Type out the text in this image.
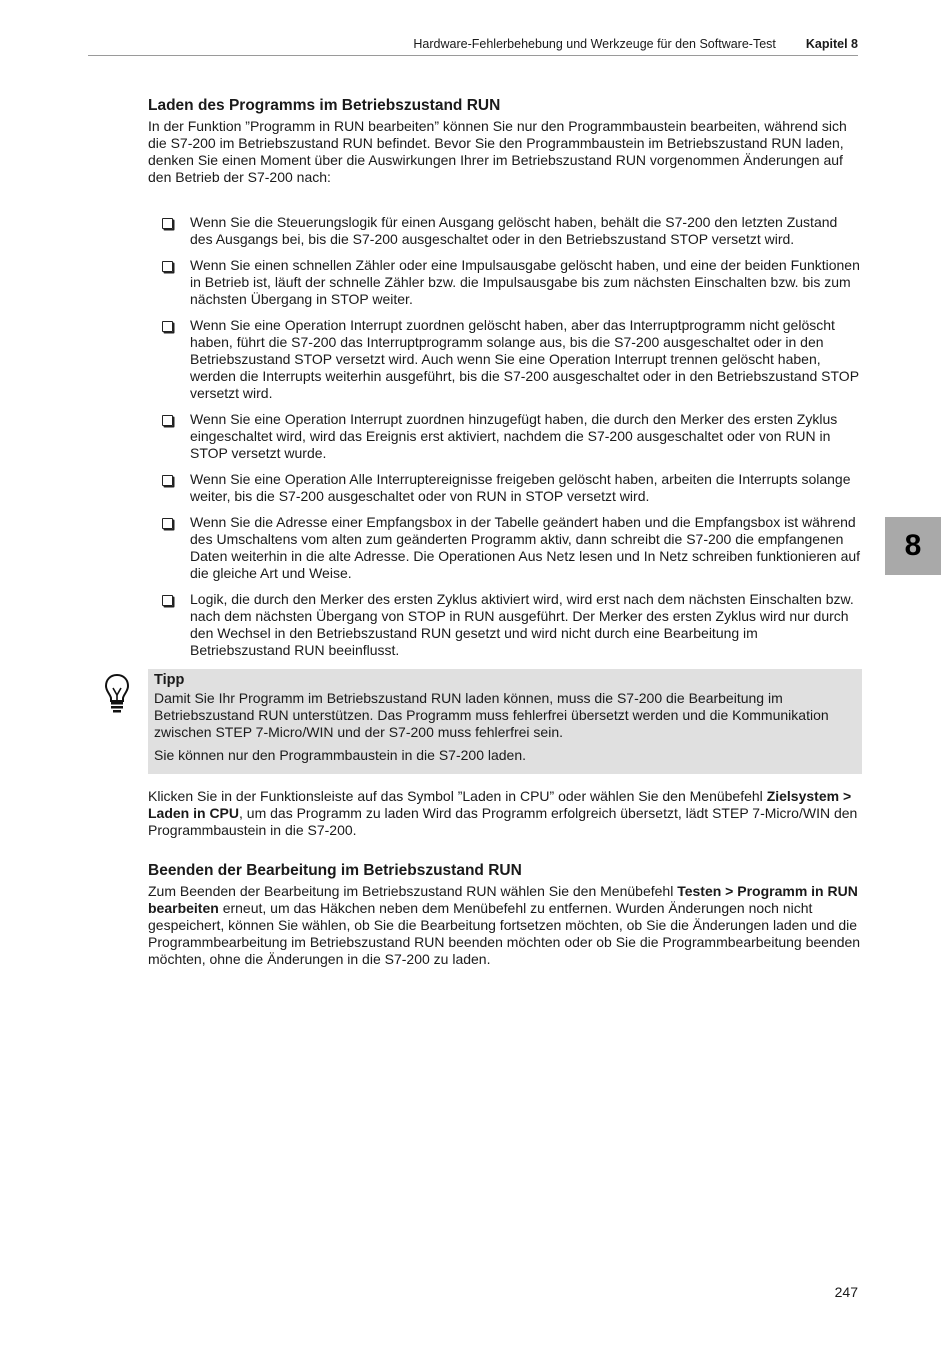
Hardware-Fehlerbehebung und Werkzeuge für den Software-Test Kapitel 8
Laden des Programms im Betriebszustand RUN

In der Funktion ”Programm in RUN bearbeiten” können Sie nur den Programmbaustein bearbeiten, während sich die S7-200 im Betriebszustand RUN befindet. Bevor Sie den Programmbaustein im Betriebszustand RUN laden, denken Sie einen Moment über die Auswirkungen Ihrer im Betriebszustand RUN vorgenommen Änderungen auf den Betrieb der S7-200 nach:

Wenn Sie die Steuerungslogik für einen Ausgang gelöscht haben, behält die S7-200 den letzten Zustand des Ausgangs bei, bis die S7-200 ausgeschaltet oder in den Betriebszustand STOP versetzt wird.
Wenn Sie einen schnellen Zähler oder eine Impulsausgabe gelöscht haben, und eine der beiden Funktionen in Betrieb ist, läuft der schnelle Zähler bzw. die Impulsausgabe bis zum nächsten Einschalten bzw. bis zum nächsten Übergang in STOP weiter.
Wenn Sie eine Operation Interrupt zuordnen gelöscht haben, aber das Interruptprogramm nicht gelöscht haben, führt die S7-200 das Interruptprogramm solange aus, bis die S7-200 ausgeschaltet oder in den Betriebszustand STOP versetzt wird. Auch wenn Sie eine Operation Interrupt trennen gelöscht haben, werden die Interrupts weiterhin ausgeführt, bis die S7-200 ausgeschaltet oder in den Betriebszustand STOP versetzt wird.
Wenn Sie eine Operation Interrupt zuordnen hinzugefügt haben, die durch den Merker des ersten Zyklus eingeschaltet wird, wird das Ereignis erst aktiviert, nachdem die S7-200 ausgeschaltet oder von RUN in STOP versetzt wurde.
Wenn Sie eine Operation Alle Interruptereignisse freigeben gelöscht haben, arbeiten die Interrupts solange weiter, bis die S7-200 ausgeschaltet oder von RUN in STOP versetzt wird.
Wenn Sie die Adresse einer Empfangsbox in der Tabelle geändert haben und die Empfangsbox ist während des Umschaltens vom alten zum geänderten Programm aktiv, dann schreibt die S7-200 die empfangenen Daten weiterhin in die alte Adresse. Die Operationen Aus Netz lesen und In Netz schreiben funktionieren auf die gleiche Art und Weise.
Logik, die durch den Merker des ersten Zyklus aktiviert wird, wird erst nach dem nächsten Einschalten bzw. nach dem nächsten Übergang von STOP in RUN ausgeführt. Der Merker des ersten Zyklus wird nur durch den Wechsel in den Betriebszustand RUN gesetzt und wird nicht durch eine Bearbeitung im Betriebszustand RUN beeinflusst.
Tipp

Damit Sie Ihr Programm im Betriebszustand RUN laden können, muss die S7-200 die Bearbeitung im Betriebszustand RUN unterstützen. Das Programm muss fehlerfrei übersetzt werden und die Kommunikation zwischen STEP 7-Micro/WIN und der S7-200 muss fehlerfrei sein.

Sie können nur den Programmbaustein in die S7-200 laden.

Klicken Sie in der Funktionsleiste auf das Symbol ”Laden in CPU” oder wählen Sie den Menübefehl Zielsystem > Laden in CPU, um das Programm zu laden Wird das Programm erfolgreich übersetzt, lädt STEP 7-Micro/WIN den Programmbaustein in die S7-200.

Beenden der Bearbeitung im Betriebszustand RUN

Zum Beenden der Bearbeitung im Betriebszustand RUN wählen Sie den Menübefehl Testen > Programm in RUN bearbeiten erneut, um das Häkchen neben dem Menübefehl zu entfernen. Wurden Änderungen noch nicht gespeichert, können Sie wählen, ob Sie die Bearbeitung fortsetzen möchten, ob Sie die Änderungen laden und die Programmbearbeitung im Betriebszustand RUN beenden möchten oder ob Sie die Programmbearbeitung beenden möchten, ohne die Änderungen in die S7-200 zu laden.

8
247
